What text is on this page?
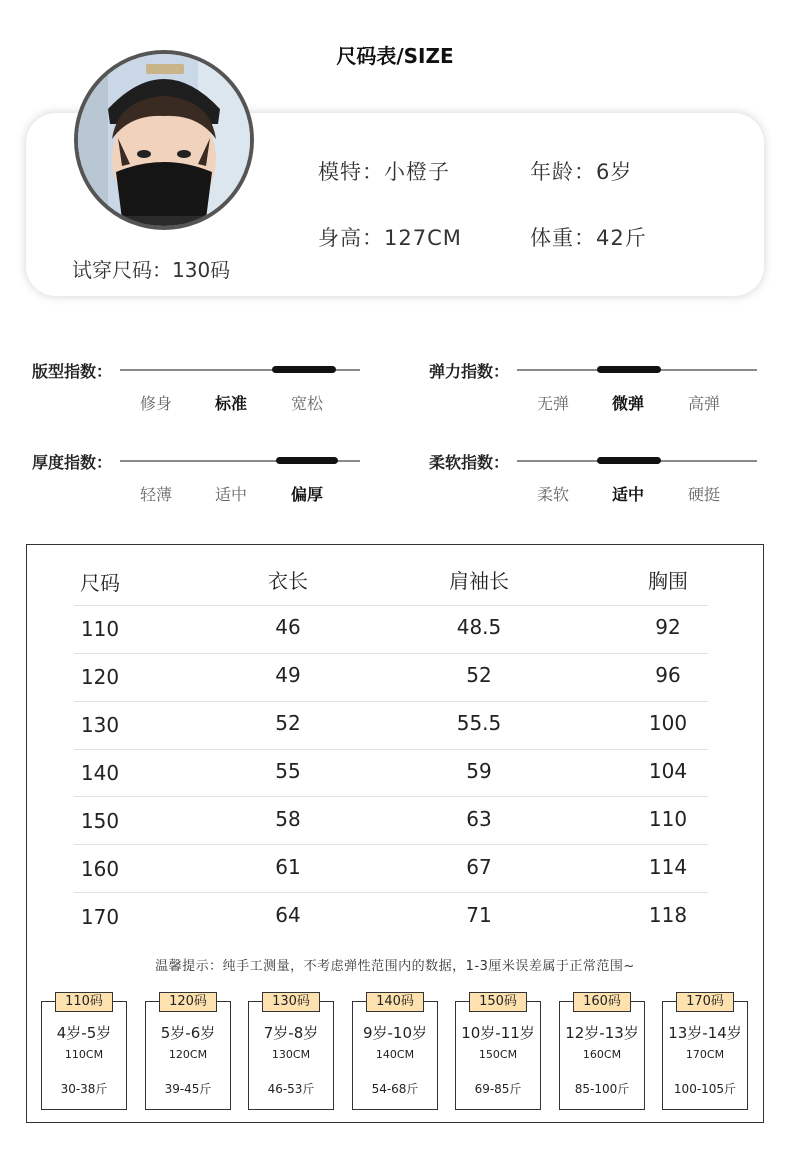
尺码表/SIZE
试穿尺码：130码
模特：小橙子	年龄：6岁
身高：127CM	体重：42斤
版型指数：
修身	标准	宽松
弹力指数：
无弹	微弹	高弹
厚度指数：
轻薄	适中	偏厚
柔软指数：
柔软	适中	硬挺
尺码	衣长	肩袖长	胸围
110	46	48.5	92
120	49	52	96
130	52	55.5	100
140	55	59	104
150	58	63	110
160	61	67	114
170	64	71	118
温馨提示：纯手工测量，不考虑弹性范围内的数据，1-3厘米误差属于正常范围~
4岁-5岁
110CM
30-38斤
110码
5岁-6岁
120CM
39-45斤
120码
7岁-8岁
130CM
46-53斤
130码
9岁-10岁
140CM
54-68斤
140码
10岁-11岁
150CM
69-85斤
150码
12岁-13岁
160CM
85-100斤
160码
13岁-14岁
170CM
100-105斤
170码
